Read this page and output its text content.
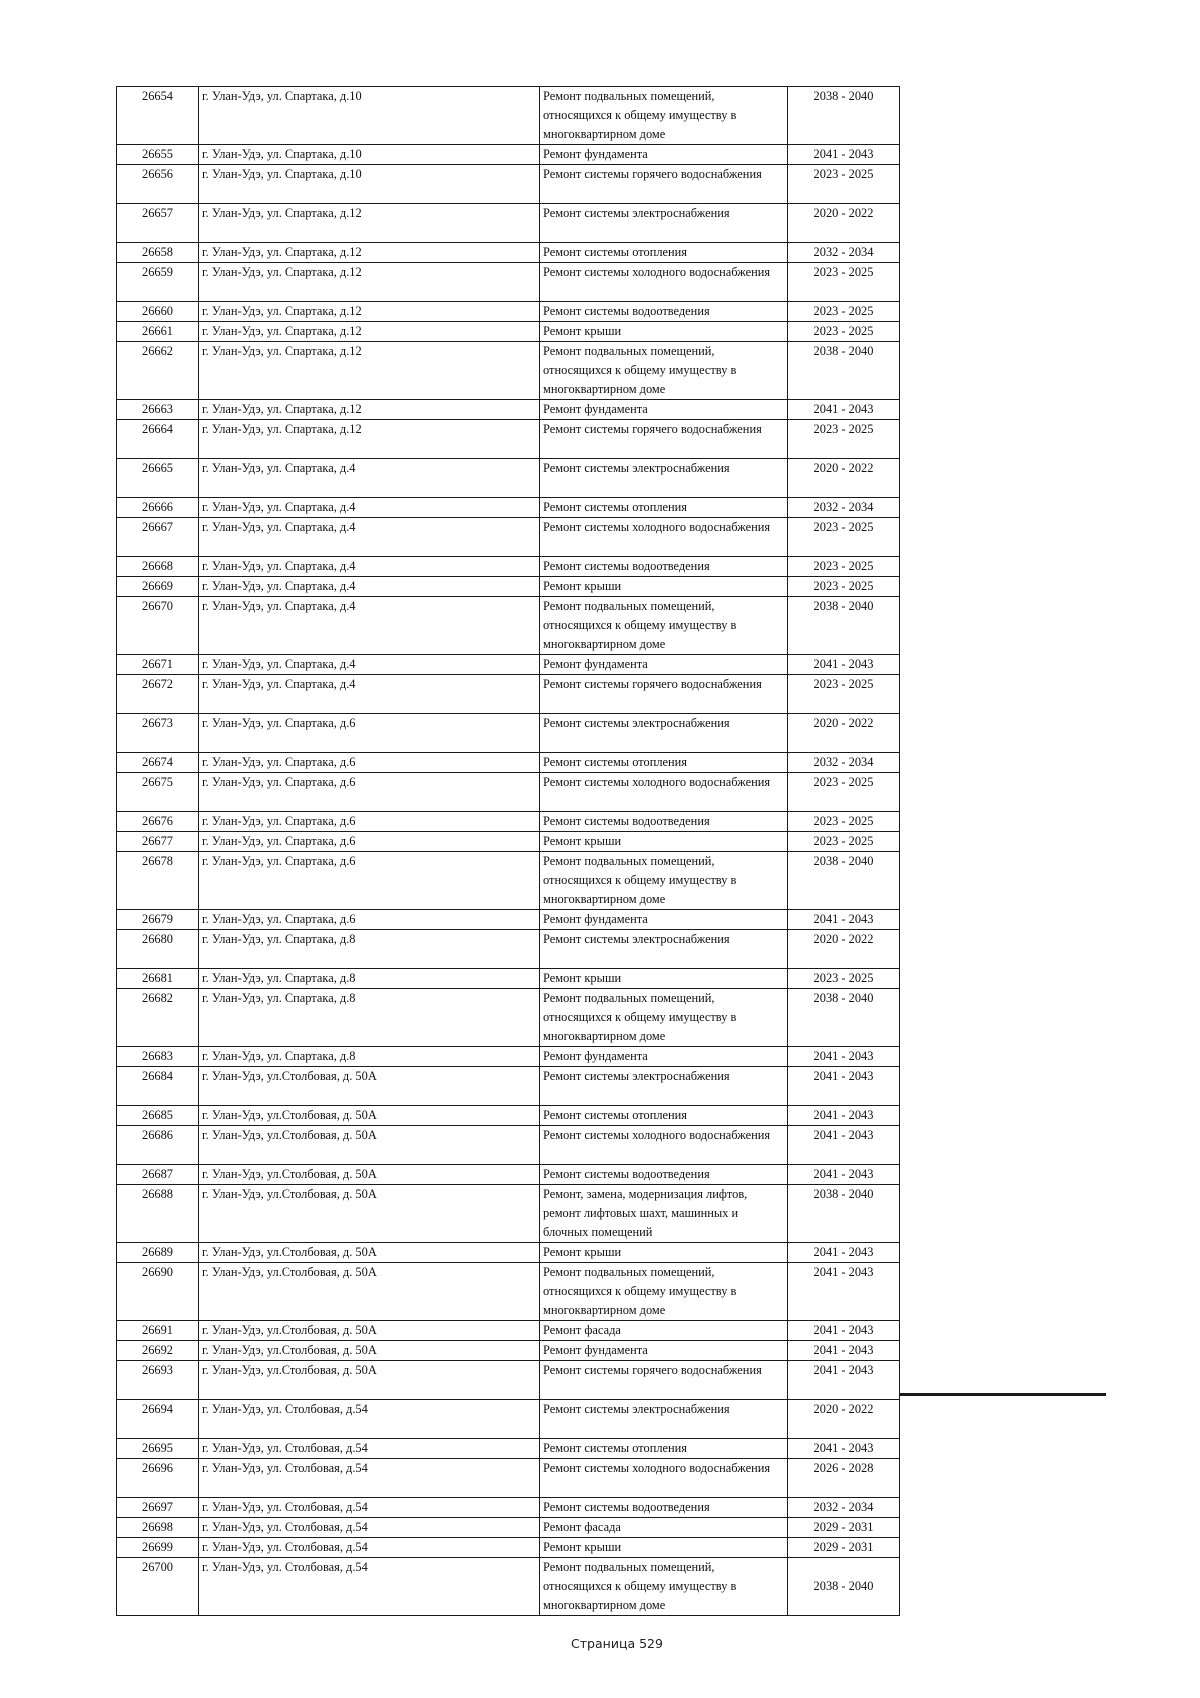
26654	г. Улан-Удэ, ул. Спартака, д.10	Ремонт подвальных помещений, относящихся к общему имуществу в многоквартирном доме	2038 - 2040
26655	г. Улан-Удэ, ул. Спартака, д.10	Ремонт фундамента	2041 - 2043
26656	г. Улан-Удэ, ул. Спартака, д.10	Ремонт системы горячего водоснабжения	2023 - 2025
26657	г. Улан-Удэ, ул. Спартака, д.12	Ремонт системы электроснабжения	2020 - 2022
26658	г. Улан-Удэ, ул. Спартака, д.12	Ремонт системы отопления	2032 - 2034
26659	г. Улан-Удэ, ул. Спартака, д.12	Ремонт системы холодного водоснабжения	2023 - 2025
26660	г. Улан-Удэ, ул. Спартака, д.12	Ремонт системы водоотведения	2023 - 2025
26661	г. Улан-Удэ, ул. Спартака, д.12	Ремонт крыши	2023 - 2025
26662	г. Улан-Удэ, ул. Спартака, д.12	Ремонт подвальных помещений, относящихся к общему имуществу в многоквартирном доме	2038 - 2040
26663	г. Улан-Удэ, ул. Спартака, д.12	Ремонт фундамента	2041 - 2043
26664	г. Улан-Удэ, ул. Спартака, д.12	Ремонт системы горячего водоснабжения	2023 - 2025
26665	г. Улан-Удэ, ул. Спартака, д.4	Ремонт системы электроснабжения	2020 - 2022
26666	г. Улан-Удэ, ул. Спартака, д.4	Ремонт системы отопления	2032 - 2034
26667	г. Улан-Удэ, ул. Спартака, д.4	Ремонт системы холодного водоснабжения	2023 - 2025
26668	г. Улан-Удэ, ул. Спартака, д.4	Ремонт системы водоотведения	2023 - 2025
26669	г. Улан-Удэ, ул. Спартака, д.4	Ремонт крыши	2023 - 2025
26670	г. Улан-Удэ, ул. Спартака, д.4	Ремонт подвальных помещений, относящихся к общему имуществу в многоквартирном доме	2038 - 2040
26671	г. Улан-Удэ, ул. Спартака, д.4	Ремонт фундамента	2041 - 2043
26672	г. Улан-Удэ, ул. Спартака, д.4	Ремонт системы горячего водоснабжения	2023 - 2025
26673	г. Улан-Удэ, ул. Спартака, д.6	Ремонт системы электроснабжения	2020 - 2022
26674	г. Улан-Удэ, ул. Спартака, д.6	Ремонт системы отопления	2032 - 2034
26675	г. Улан-Удэ, ул. Спартака, д.6	Ремонт системы холодного водоснабжения	2023 - 2025
26676	г. Улан-Удэ, ул. Спартака, д.6	Ремонт системы водоотведения	2023 - 2025
26677	г. Улан-Удэ, ул. Спартака, д.6	Ремонт крыши	2023 - 2025
26678	г. Улан-Удэ, ул. Спартака, д.6	Ремонт подвальных помещений, относящихся к общему имуществу в многоквартирном доме	2038 - 2040
26679	г. Улан-Удэ, ул. Спартака, д.6	Ремонт фундамента	2041 - 2043
26680	г. Улан-Удэ, ул. Спартака, д.8	Ремонт системы электроснабжения	2020 - 2022
26681	г. Улан-Удэ, ул. Спартака, д.8	Ремонт крыши	2023 - 2025
26682	г. Улан-Удэ, ул. Спартака, д.8	Ремонт подвальных помещений, относящихся к общему имуществу в многоквартирном доме	2038 - 2040
26683	г. Улан-Удэ, ул. Спартака, д.8	Ремонт фундамента	2041 - 2043
26684	г. Улан-Удэ, ул.Столбовая, д. 50А	Ремонт системы электроснабжения	2041 - 2043
26685	г. Улан-Удэ, ул.Столбовая, д. 50А	Ремонт системы отопления	2041 - 2043
26686	г. Улан-Удэ, ул.Столбовая, д. 50А	Ремонт системы холодного водоснабжения	2041 - 2043
26687	г. Улан-Удэ, ул.Столбовая, д. 50А	Ремонт системы водоотведения	2041 - 2043
26688	г. Улан-Удэ, ул.Столбовая, д. 50А	Ремонт, замена, модернизация лифтов, ремонт лифтовых шахт, машинных и блочных помещений	2038 - 2040
26689	г. Улан-Удэ, ул.Столбовая, д. 50А	Ремонт крыши	2041 - 2043
26690	г. Улан-Удэ, ул.Столбовая, д. 50А	Ремонт подвальных помещений, относящихся к общему имуществу в многоквартирном доме	2041 - 2043
26691	г. Улан-Удэ, ул.Столбовая, д. 50А	Ремонт фасада	2041 - 2043
26692	г. Улан-Удэ, ул.Столбовая, д. 50А	Ремонт фундамента	2041 - 2043
26693	г. Улан-Удэ, ул.Столбовая, д. 50А	Ремонт системы горячего водоснабжения	2041 - 2043
26694	г. Улан-Удэ, ул. Столбовая, д.54	Ремонт системы электроснабжения	2020 - 2022
26695	г. Улан-Удэ, ул. Столбовая, д.54	Ремонт системы отопления	2041 - 2043
26696	г. Улан-Удэ, ул. Столбовая, д.54	Ремонт системы холодного водоснабжения	2026 - 2028
26697	г. Улан-Удэ, ул. Столбовая, д.54	Ремонт системы водоотведения	2032 - 2034
26698	г. Улан-Удэ, ул. Столбовая, д.54	Ремонт фасада	2029 - 2031
26699	г. Улан-Удэ, ул. Столбовая, д.54	Ремонт крыши	2029 - 2031
26700	г. Улан-Удэ, ул. Столбовая, д.54	Ремонт подвальных помещений, относящихся к общему имуществу в многоквартирном доме	2038 - 2040
Страница 529
